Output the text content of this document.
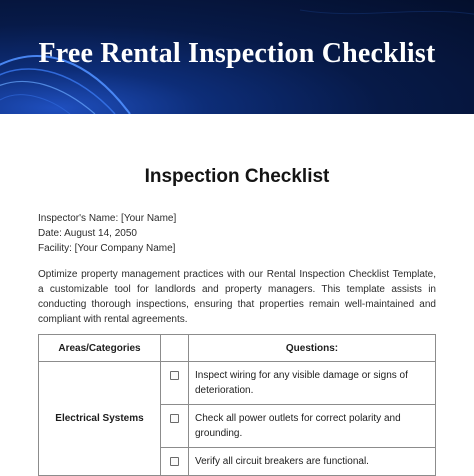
Free Rental Inspection Checklist
Inspection Checklist
Inspector's Name: [Your Name]
Date: August 14, 2050
Facility: [Your Company Name]
Optimize property management practices with our Rental Inspection Checklist Template, a customizable tool for landlords and property managers. This template assists in conducting thorough inspections, ensuring that properties remain well-maintained and compliant with rental agreements.
Areas/Categories		Questions:
Electrical Systems		Inspect wiring for any visible damage or signs of deterioration.
		Check all power outlets for correct polarity and grounding.
		Verify all circuit breakers are functional.
